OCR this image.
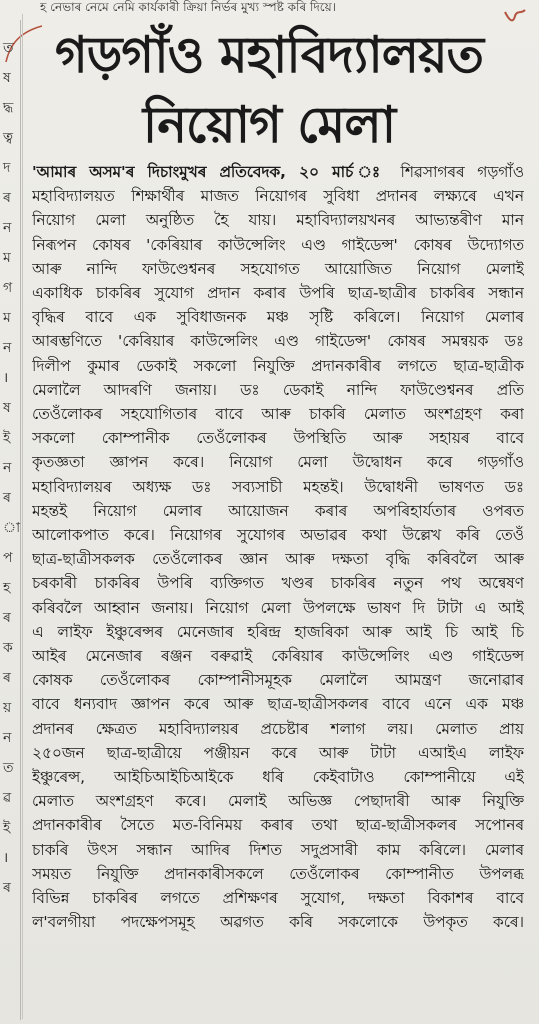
হ নেভাৰ নেমে নেমি কাৰ্যকাৰী ক্ৰিয়া নিৰ্ভৰ মুখ্য স্পষ্ট কৰি দিয়ে।
ত
ষ
দ্ধ
ত্ব
দ
ৰ
ন
ম
গ
ম
ন
।
ষ
ই
ন
ৰ
া
প
হ
ৰ
ক
ৰ
য়
ন
ত
ৱ
ই
।
ৰ
গড়গাঁও মহাবিদ্যালয়ত
নিয়োগ মেলা
'আমাৰ অসম'ৰ দিচাংমুখৰ প্ৰতিবেদক, ২০ মাৰ্চ ঃ শিৱসাগৰৰ গড়গাঁও
মহাবিদ্যালয়ত শিক্ষাৰ্থীৰ মাজত নিয়োগৰ সুবিধা প্ৰদানৰ লক্ষ্যৰে এখন
নিয়োগ মেলা অনুষ্ঠিত হৈ যায়। মহাবিদ্যালয়খনৰ আভ্যন্তৰীণ মান
নিৰূপন কোষৰ 'কেৰিয়াৰ কাউন্সেলিং এণ্ড গাইডেন্স' কোষৰ উদ্যোগত
আৰু নান্দি ফাউণ্ডেশ্বনৰ সহযোগত আয়োজিত নিয়োগ মেলাই
একাধিক চাকৰিৰ সুযোগ প্ৰদান কৰাৰ উপৰি ছাত্ৰ-ছাত্ৰীৰ চাকৰিৰ সন্ধান
বৃদ্ধিৰ বাবে এক সুবিধাজনক মঞ্চ সৃষ্টি কৰিলে। নিয়োগ মেলাৰ
আৰম্ভণিতে 'কেৰিয়াৰ কাউন্সেলিং এণ্ড গাইডেন্স' কোষৰ সমন্বয়ক ডঃ
দিলীপ কুমাৰ ডেকাই সকলো নিযুক্তি প্ৰদানকাৰীৰ লগতে ছাত্ৰ-ছাত্ৰীক
মেলালৈ আদৰণি জনায়। ডঃ ডেকাই নান্দি ফাউণ্ডেশ্বনৰ প্ৰতি
তেওঁলোকৰ সহযোগিতাৰ বাবে আৰু চাকৰি মেলাত অংশগ্ৰহণ কৰা
সকলো কোম্পানীক তেওঁলোকৰ উপস্থিতি আৰু সহায়ৰ বাবে
কৃতজ্ঞতা জ্ঞাপন কৰে। নিয়োগ মেলা উদ্বোধন কৰে গড়গাঁও
মহাবিদ্যালয়ৰ অধ্যক্ষ ডঃ সব্যসাচী মহন্তই। উদ্বোধনী ভাষণত ডঃ
মহন্তই নিয়োগ মেলাৰ আয়োজন কৰাৰ অপৰিহাৰ্যতাৰ ওপৰত
আলোকপাত কৰে। নিয়োগৰ সুযোগৰ অভাৱৰ কথা উল্লেখ কৰি তেওঁ
ছাত্ৰ-ছাত্ৰীসকলক তেওঁলোকৰ জ্ঞান আৰু দক্ষতা বৃদ্ধি কৰিবলৈ আৰু
চৰকাৰী চাকৰিৰ উপৰি ব্যক্তিগত খণ্ডৰ চাকৰিৰ নতুন পথ অন্বেষণ
কৰিবলৈ আহ্বান জনায়। নিয়োগ মেলা উপলক্ষে ভাষণ দি টাটা এ আই
এ লাইফ ইঞ্চুৰেন্সৰ মেনেজাৰ হৰিন্দ্ৰ হাজৰিকা আৰু আই চি আই চি
আইৰ মেনেজাৰ ৰঞ্জন বৰুৱাই কেৰিয়াৰ কাউন্সেলিং এণ্ড গাইডেন্স
কোষক তেওঁলোকৰ কোম্পানীসমূহক মেলালৈ আমন্ত্ৰণ জনোৱাৰ
বাবে ধন্যবাদ জ্ঞাপন কৰে আৰু ছাত্ৰ-ছাত্ৰীসকলৰ বাবে এনে এক মঞ্চ
প্ৰদানৰ ক্ষেত্ৰত মহাবিদ্যালয়ৰ প্ৰচেষ্টাৰ শলাগ লয়। মেলাত প্ৰায়
২৫০জন ছাত্ৰ-ছাত্ৰীয়ে পঞ্জীয়ন কৰে আৰু টাটা এআইএ লাইফ
ইঞ্চুৰেন্স, আইচিআইচিআইকে ধৰি কেইবাটাও কোম্পানীয়ে এই
মেলাত অংশগ্ৰহণ কৰে। মেলাই অভিজ্ঞ পেছাদাৰী আৰু নিযুক্তি
প্ৰদানকাৰীৰ সৈতে মত-বিনিময় কৰাৰ তথা ছাত্ৰ-ছাত্ৰীসকলৰ সপোনৰ
চাকৰি উৎস সন্ধান আদিৰ দিশত সদুপ্ৰসাৰী কাম কৰিলে। মেলাৰ
সময়ত নিযুক্তি প্ৰদানকাৰীসকলে তেওঁলোকৰ কোম্পানীত উপলব্ধ
বিভিন্ন চাকৰিৰ লগতে প্ৰশিক্ষণৰ সুযোগ, দক্ষতা বিকাশৰ বাবে
ল'বলগীয়া পদক্ষেপসমূহ অৱগত কৰি সকলোকে উপকৃত কৰে।
